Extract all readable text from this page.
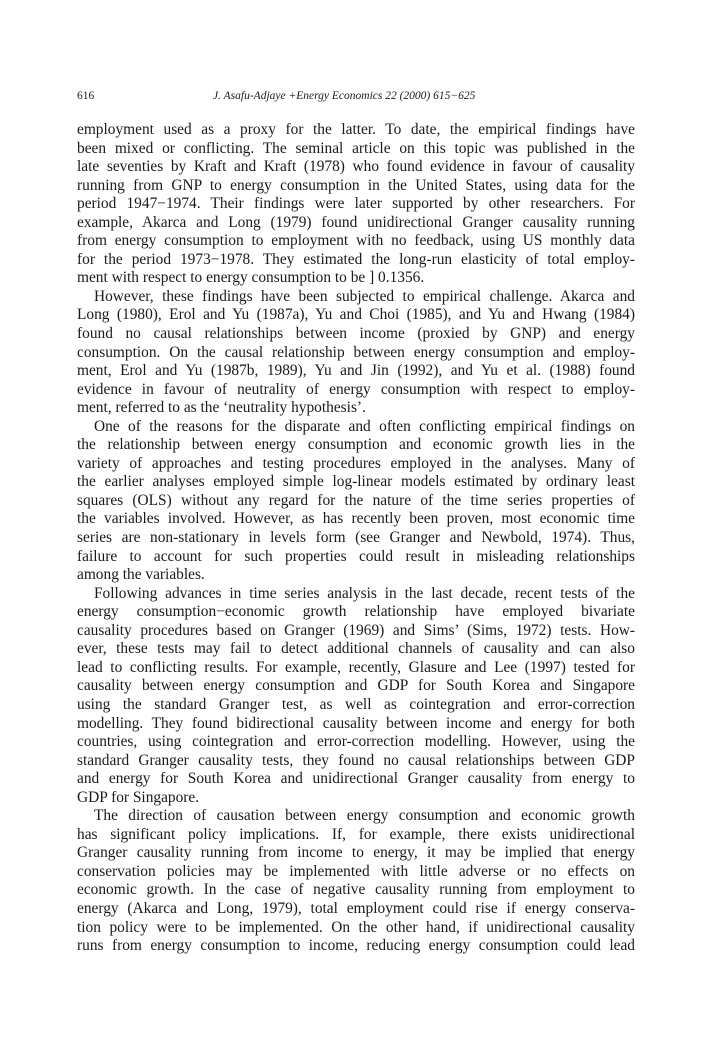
616	J. Asafu-Adjaye +Energy Economics 22 (2000) 615−625
employment used as a proxy for the latter. To date, the empirical findings have
been mixed or conflicting. The seminal article on this topic was published in the
late seventies by Kraft and Kraft (1978) who found evidence in favour of causality
running from GNP to energy consumption in the United States, using data for the
period 1947−1974. Their findings were later supported by other researchers. For
example, Akarca and Long (1979) found unidirectional Granger causality running
from energy consumption to employment with no feedback, using US monthly data
for the period 1973−1978. They estimated the long-run elasticity of total employ-
ment with respect to energy consumption to be ] 0.1356.
However, these findings have been subjected to empirical challenge. Akarca and
Long (1980), Erol and Yu (1987a), Yu and Choi (1985), and Yu and Hwang (1984)
found no causal relationships between income (proxied by GNP) and energy
consumption. On the causal relationship between energy consumption and employ-
ment, Erol and Yu (1987b, 1989), Yu and Jin (1992), and Yu et al. (1988) found
evidence in favour of neutrality of energy consumption with respect to employ-
ment, referred to as the ‘neutrality hypothesis’.
One of the reasons for the disparate and often conflicting empirical findings on
the relationship between energy consumption and economic growth lies in the
variety of approaches and testing procedures employed in the analyses. Many of
the earlier analyses employed simple log-linear models estimated by ordinary least
squares (OLS) without any regard for the nature of the time series properties of
the variables involved. However, as has recently been proven, most economic time
series are non-stationary in levels form (see Granger and Newbold, 1974). Thus,
failure to account for such properties could result in misleading relationships
among the variables.
Following advances in time series analysis in the last decade, recent tests of the
energy consumption−economic growth relationship have employed bivariate
causality procedures based on Granger (1969) and Sims’ (Sims, 1972) tests. How-
ever, these tests may fail to detect additional channels of causality and can also
lead to conflicting results. For example, recently, Glasure and Lee (1997) tested for
causality between energy consumption and GDP for South Korea and Singapore
using the standard Granger test, as well as cointegration and error-correction
modelling. They found bidirectional causality between income and energy for both
countries, using cointegration and error-correction modelling. However, using the
standard Granger causality tests, they found no causal relationships between GDP
and energy for South Korea and unidirectional Granger causality from energy to
GDP for Singapore.
The direction of causation between energy consumption and economic growth
has significant policy implications. If, for example, there exists unidirectional
Granger causality running from income to energy, it may be implied that energy
conservation policies may be implemented with little adverse or no effects on
economic growth. In the case of negative causality running from employment to
energy (Akarca and Long, 1979), total employment could rise if energy conserva-
tion policy were to be implemented. On the other hand, if unidirectional causality
runs from energy consumption to income, reducing energy consumption could lead
